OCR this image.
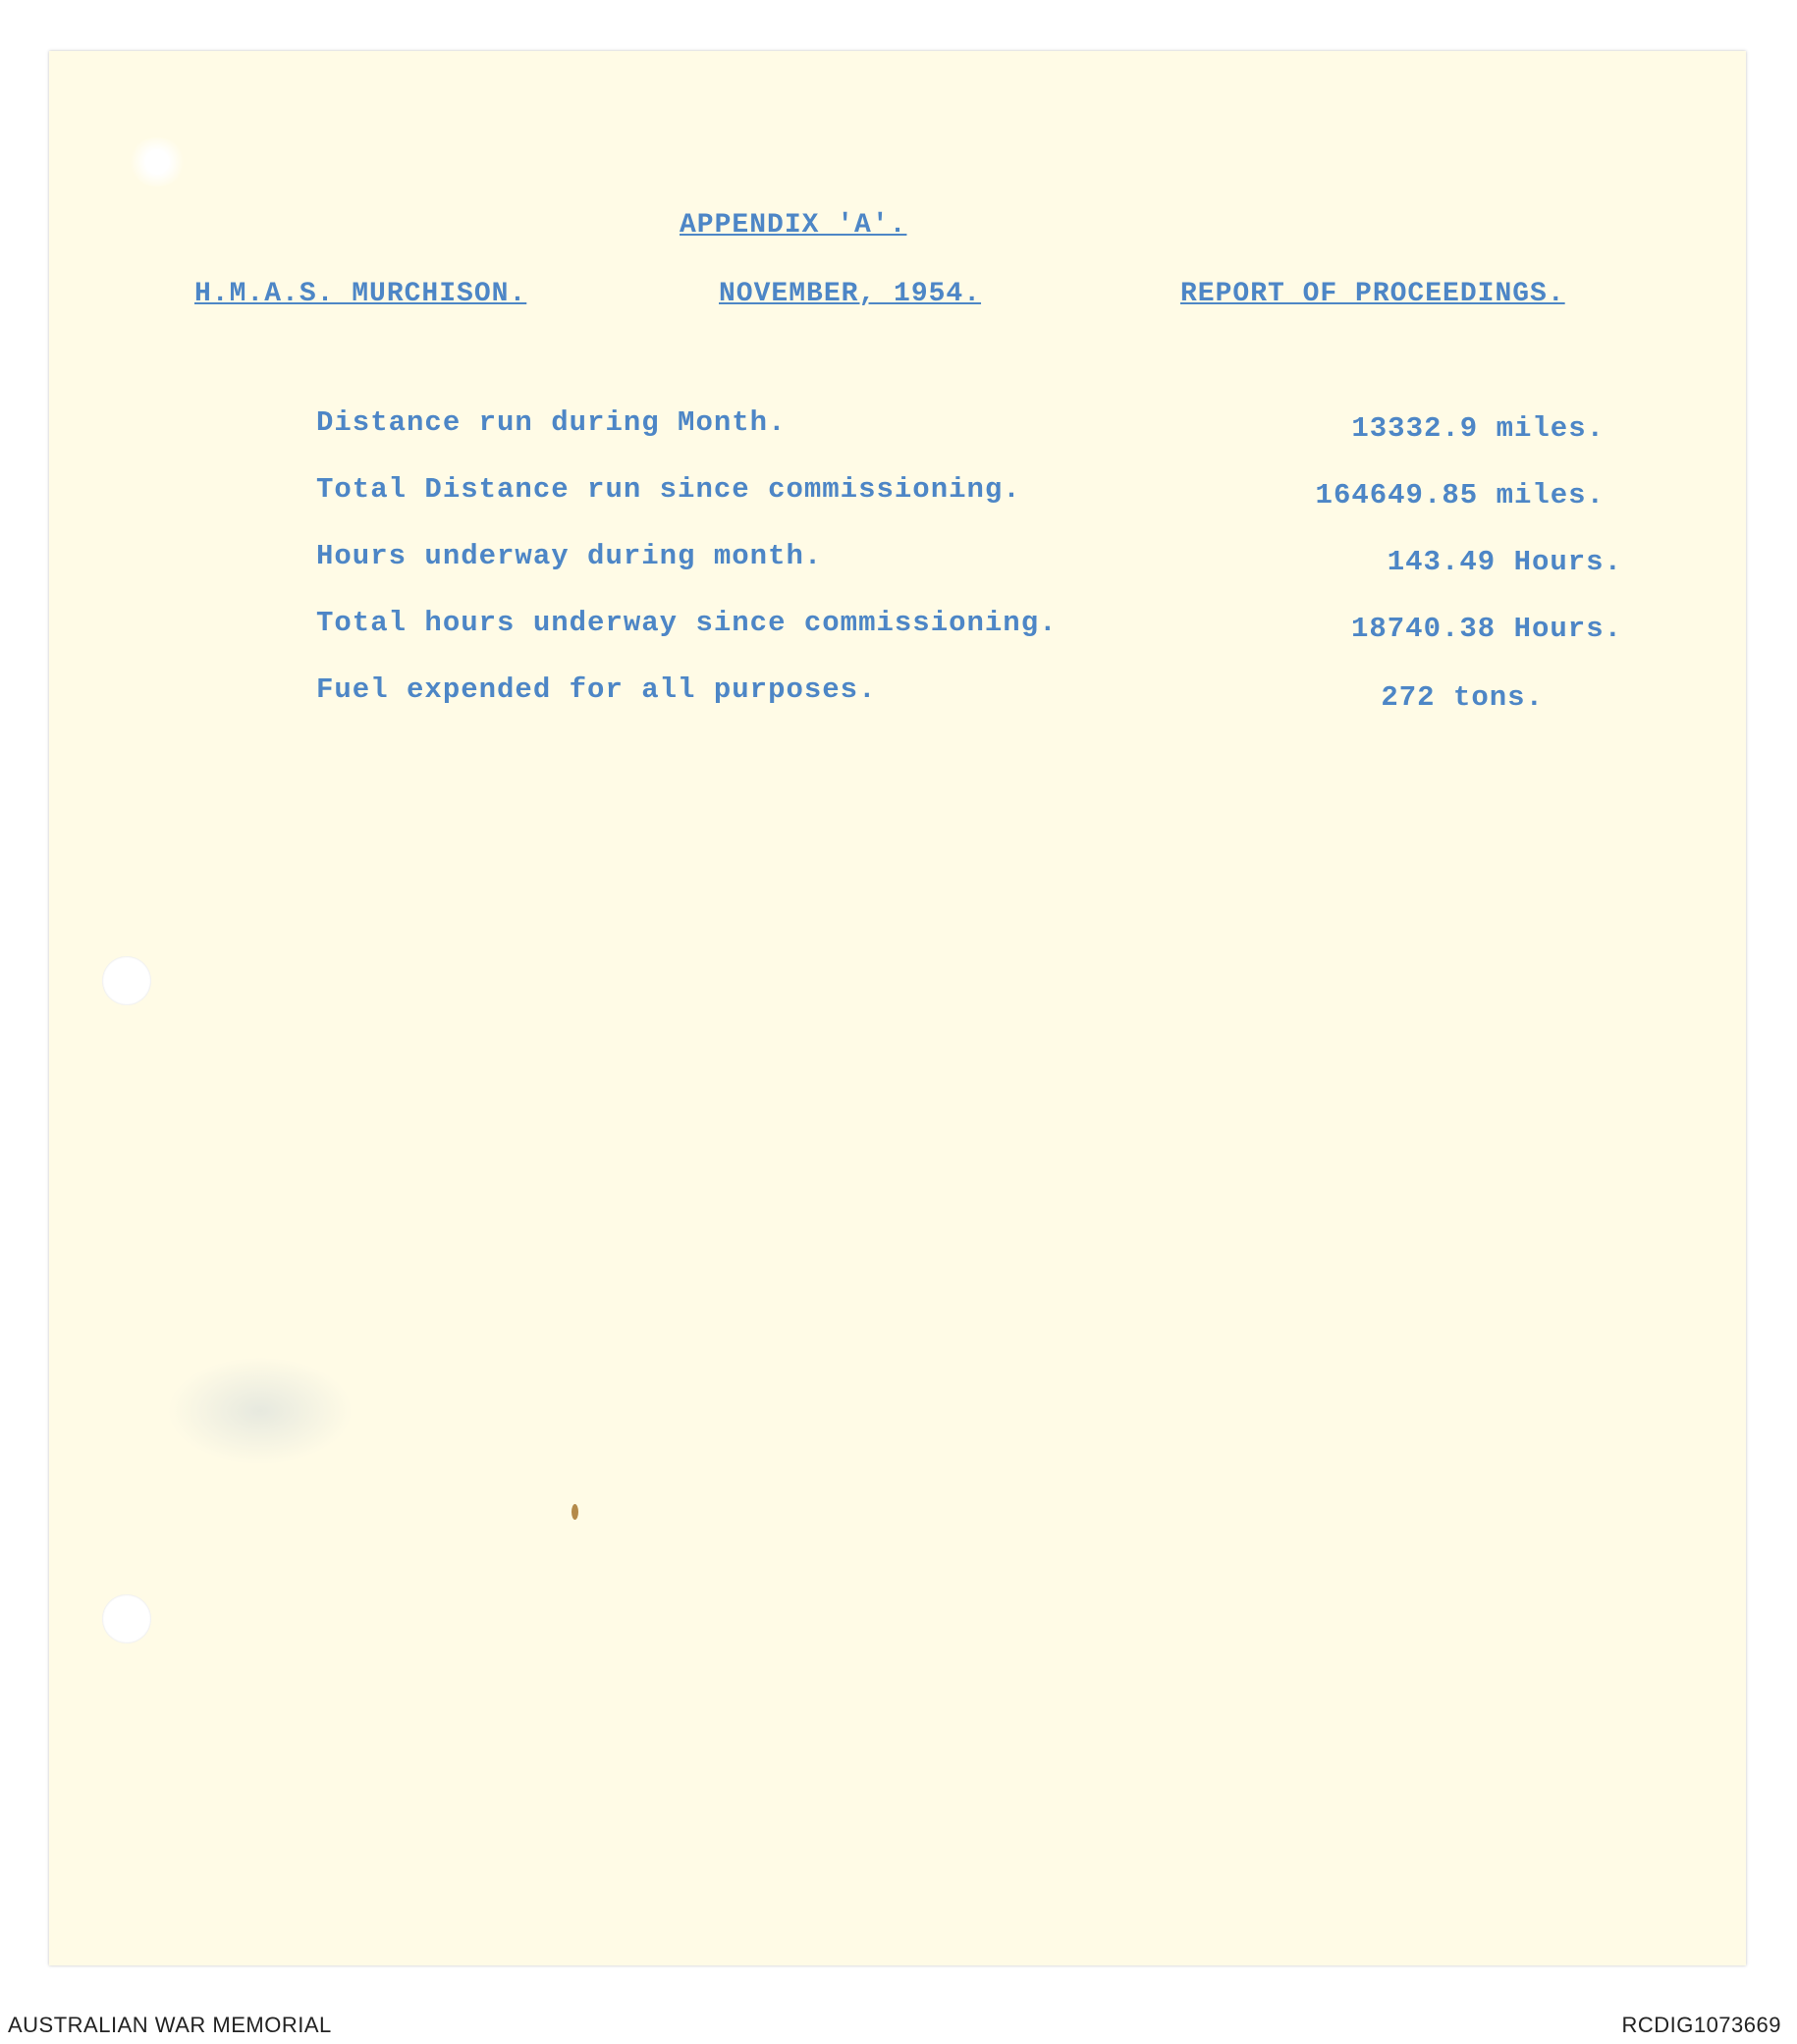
APPENDIX 'A'.
H.M.A.S. MURCHISON.	NOVEMBER, 1954.	REPORT OF PROCEEDINGS.
Distance run during Month.	13332.9 miles.
Total Distance run since commissioning.	164649.85 miles.
Hours underway during month.	143.49 Hours.
Total hours underway since commissioning.	18740.38 Hours.
Fuel expended for all purposes.	272 tons.
AUSTRALIAN WAR MEMORIAL	RCDIG1073669
